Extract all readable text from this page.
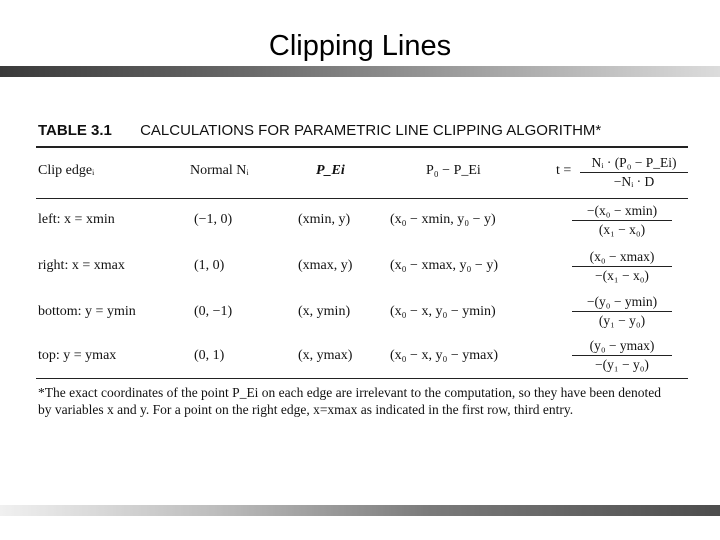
Clipping Lines
TABLE 3.1 CALCULATIONS FOR PARAMETRIC LINE CLIPPING ALGORITHM*
Clip edgeᵢ	Normal Nᵢ	P_Ei	P₀ − P_Ei	t =
Nᵢ · (P₀ − P_Ei)
−Nᵢ · D
left: x = xmin	(−1, 0)	(xmin, y)	(x₀ − xmin, y₀ − y)
−(x₀ − xmin)
(x₁ − x₀)
right: x = xmax	(1, 0)	(xmax, y)	(x₀ − xmax, y₀ − y)
(x₀ − xmax)
−(x₁ − x₀)
bottom: y = ymin	(0, −1)	(x, ymin)	(x₀ − x, y₀ − ymin)
−(y₀ − ymin)
(y₁ − y₀)
top: y = ymax	(0, 1)	(x, ymax)	(x₀ − x, y₀ − ymax)
(y₀ − ymax)
−(y₁ − y₀)
*The exact coordinates of the point P_Ei on each edge are irrelevant to the computation, so they have been denoted
by variables x and y. For a point on the right edge, x=xmax as indicated in the first row, third entry.
